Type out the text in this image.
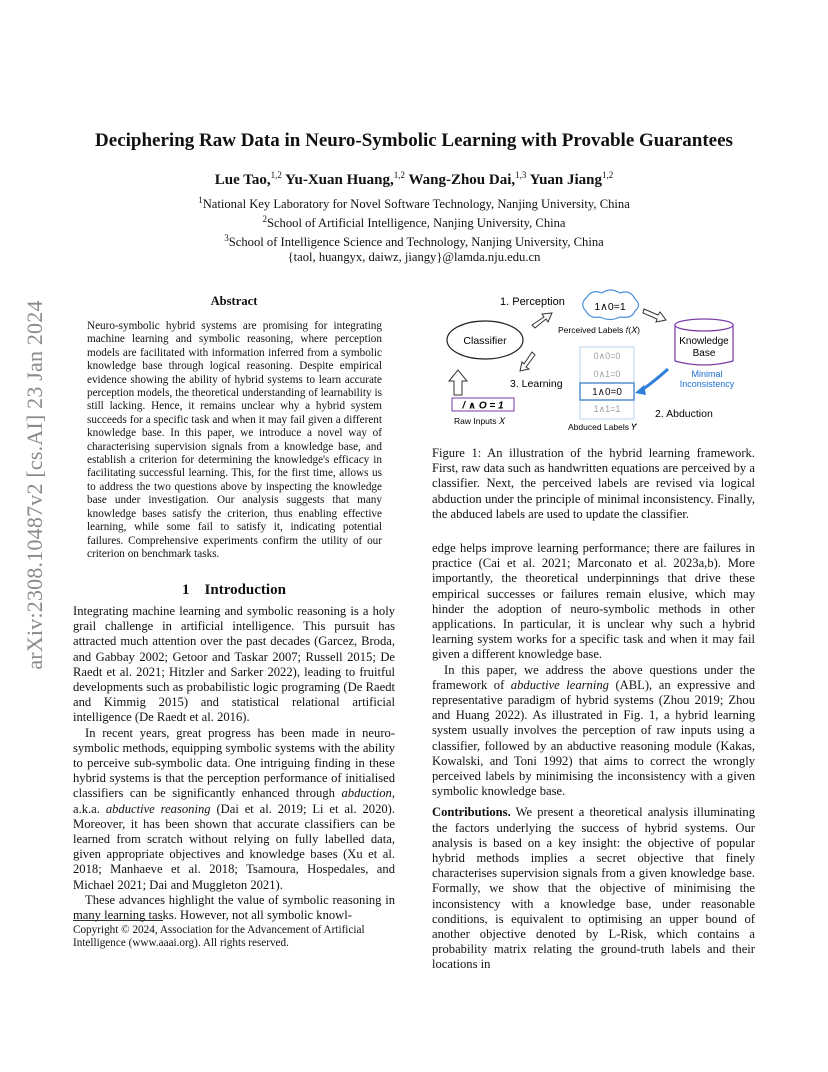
arXiv:2308.10487v2 [cs.AI] 23 Jan 2024
Deciphering Raw Data in Neuro-Symbolic Learning with Provable Guarantees
Lue Tao,$^{1,2}$ Yu-Xuan Huang,$^{1,2}$ Wang-Zhou Dai,$^{1,3}$ Yuan Jiang$^{1,2}$
$^1$National Key Laboratory for Novel Software Technology, Nanjing University, China
$^2$School of Artificial Intelligence, Nanjing University, China
$^3$School of Intelligence Science and Technology, Nanjing University, China
{taol, huangyx, daiwz, jiangy}@lamda.nju.edu.cn
Abstract
Neuro-symbolic hybrid systems are promising for integrating machine learning and symbolic reasoning, where perception models are facilitated with information inferred from a symbolic knowledge base through logical reasoning. Despite empirical evidence showing the ability of hybrid systems to learn accurate perception models, the theoretical understanding of learnability is still lacking. Hence, it remains unclear why a hybrid system succeeds for a specific task and when it may fail given a different knowledge base. In this paper, we introduce a novel way of characterising supervision signals from a knowledge base, and establish a criterion for determining the knowledge's efficacy in facilitating successful learning. This, for the first time, allows us to address the two questions above by inspecting the knowledge base under investigation. Our analysis suggests that many knowledge bases satisfy the criterion, thus enabling effective learning, while some fail to satisfy it, indicating potential failures. Comprehensive experiments confirm the utility of our criterion on benchmark tasks.
1    Introduction

Integrating machine learning and symbolic reasoning is a holy grail challenge in artificial intelligence. This pursuit has attracted much attention over the past decades (Garcez, Broda, and Gabbay 2002; Getoor and Taskar 2007; Russell 2015; De Raedt et al. 2021; Hitzler and Sarker 2022), leading to fruitful developments such as probabilistic logic programing (De Raedt and Kimmig 2015) and statistical relational artificial intelligence (De Raedt et al. 2016).

In recent years, great progress has been made in neuro-symbolic methods, equipping symbolic systems with the ability to perceive sub-symbolic data. One intriguing finding in these hybrid systems is that the perception performance of initialised classifiers can be significantly enhanced through abduction, a.k.a. abductive reasoning (Dai et al. 2019; Li et al. 2020). Moreover, it has been shown that accurate classifiers can be learned from scratch without relying on fully labelled data, given appropriate objectives and knowledge bases (Xu et al. 2018; Manhaeve et al. 2018; Tsamoura, Hospedales, and Michael 2021; Dai and Muggleton 2021).

These advances highlight the value of symbolic reasoning in many learning tasks. However, not all symbolic knowl-

Copyright © 2024, Association for the Advancement of Artificial Intelligence (www.aaai.org). All rights reserved.
1. Perception	1∧0=1
Perceived Labels 𝑓(𝑋)
Classifier	Knowledge
Base
3. Learning
0∧0=0
0∧1=0
1∧0=0
1∧1=1
Minimal
Inconsistency
2. Abduction
/ ∧ O = 1
Raw Inputs 𝑋
Abduced Labels 𝑌̄
Figure 1: An illustration of the hybrid learning framework. First, raw data such as handwritten equations are perceived by a classifier. Next, the perceived labels are revised via logical abduction under the principle of minimal inconsistency. Finally, the abduced labels are used to update the classifier.

edge helps improve learning performance; there are failures in practice (Cai et al. 2021; Marconato et al. 2023a,b). More importantly, the theoretical underpinnings that drive these empirical successes or failures remain elusive, which may hinder the adoption of neuro-symbolic methods in other applications. In particular, it is unclear why such a hybrid learning system works for a specific task and when it may fail given a different knowledge base.

In this paper, we address the above questions under the framework of abductive learning (ABL), an expressive and representative paradigm of hybrid systems (Zhou 2019; Zhou and Huang 2022). As illustrated in Fig. 1, a hybrid learning system usually involves the perception of raw inputs using a classifier, followed by an abductive reasoning module (Kakas, Kowalski, and Toni 1992) that aims to correct the wrongly perceived labels by minimising the inconsistency with a given symbolic knowledge base.

Contributions. We present a theoretical analysis illuminating the factors underlying the success of hybrid systems. Our analysis is based on a key insight: the objective of popular hybrid methods implies a secret objective that finely characterises supervision signals from a given knowledge base. Formally, we show that the objective of minimising the inconsistency with a knowledge base, under reasonable conditions, is equivalent to optimising an upper bound of another objective denoted by L-Risk, which contains a probability matrix relating the ground-truth labels and their locations in
